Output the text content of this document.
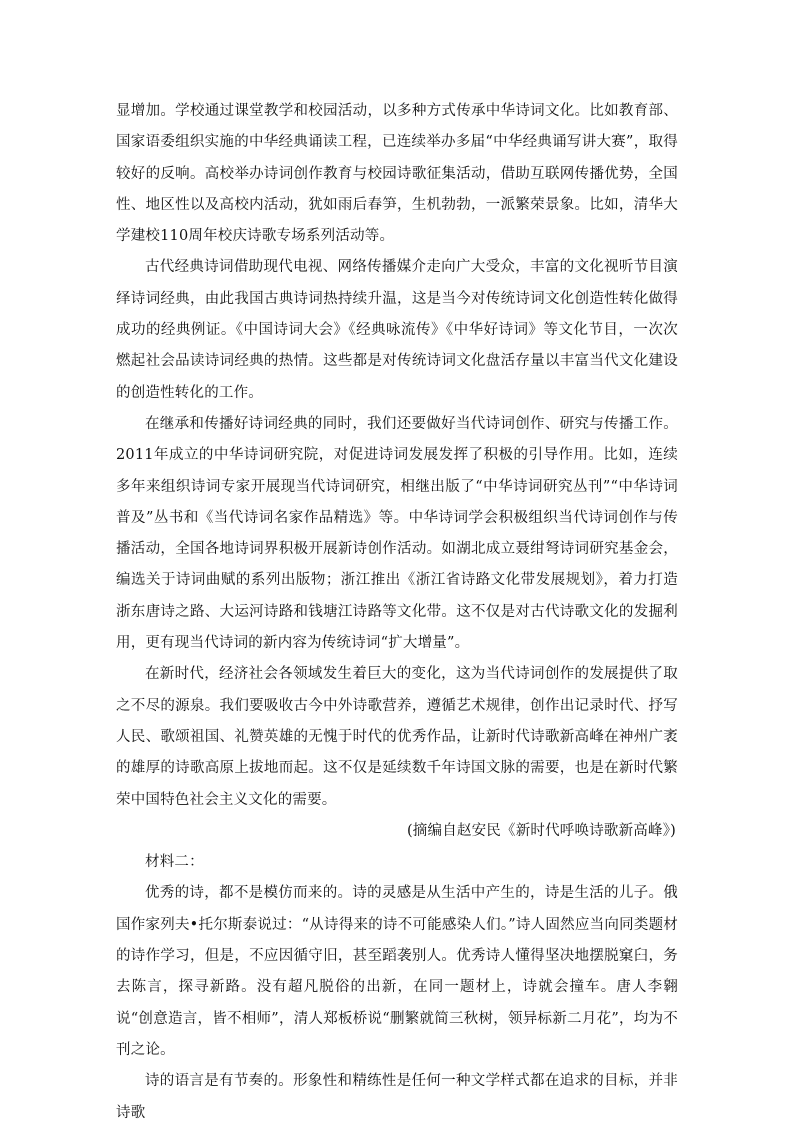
显增加。学校通过课堂教学和校园活动，以多种方式传承中华诗词文化。比如教育部、国家语委组织实施的中华经典诵读工程，已连续举办多届“中华经典诵写讲大赛”，取得较好的反响。高校举办诗词创作教育与校园诗歌征集活动，借助互联网传播优势，全国性、地区性以及高校内活动，犹如雨后春笋，生机勃勃，一派繁荣景象。比如，清华大学建校110周年校庆诗歌专场系列活动等。

古代经典诗词借助现代电视、网络传播媒介走向广大受众，丰富的文化视听节目演绎诗词经典，由此我国古典诗词热持续升温，这是当今对传统诗词文化创造性转化做得成功的经典例证。《中国诗词大会》《经典咏流传》《中华好诗词》等文化节目，一次次燃起社会品读诗词经典的热情。这些都是对传统诗词文化盘活存量以丰富当代文化建设的创造性转化的工作。

在继承和传播好诗词经典的同时，我们还要做好当代诗词创作、研究与传播工作。2011年成立的中华诗词研究院，对促进诗词发展发挥了积极的引导作用。比如，连续多年来组织诗词专家开展现当代诗词研究，相继出版了“中华诗词研究丛刊”“中华诗词普及”丛书和《当代诗词名家作品精选》等。中华诗词学会积极组织当代诗词创作与传播活动，全国各地诗词界积极开展新诗创作活动。如湖北成立聂绀弩诗词研究基金会，编选关于诗词曲赋的系列出版物；浙江推出《浙江省诗路文化带发展规划》，着力打造浙东唐诗之路、大运河诗路和钱塘江诗路等文化带。这不仅是对古代诗歌文化的发掘利用，更有现当代诗词的新内容为传统诗词“扩大增量”。

在新时代，经济社会各领域发生着巨大的变化，这为当代诗词创作的发展提供了取之不尽的源泉。我们要吸收古今中外诗歌营养，遵循艺术规律，创作出记录时代、抒写人民、歌颂祖国、礼赞英雄的无愧于时代的优秀作品，让新时代诗歌新高峰在神州广袤的雄厚的诗歌高原上拔地而起。这不仅是延续数千年诗国文脉的需要，也是在新时代繁荣中国特色社会主义文化的需要。

(摘编自赵安民《新时代呼唤诗歌新高峰》)

材料二：

优秀的诗，都不是模仿而来的。诗的灵感是从生活中产生的，诗是生活的儿子。俄国作家列夫•托尔斯泰说过：“从诗得来的诗不可能感染人们。”诗人固然应当向同类题材的诗作学习，但是，不应因循守旧，甚至蹈袭别人。优秀诗人懂得坚决地摆脱窠臼，务去陈言，探寻新路。没有超凡脱俗的出新，在同一题材上，诗就会撞车。唐人李翱说“创意造言，皆不相师”，清人郑板桥说“删繁就简三秋树，领异标新二月花”，均为不刊之论。

诗的语言是有节奏的。形象性和精练性是任何一种文学样式都在追求的目标，并非诗歌
